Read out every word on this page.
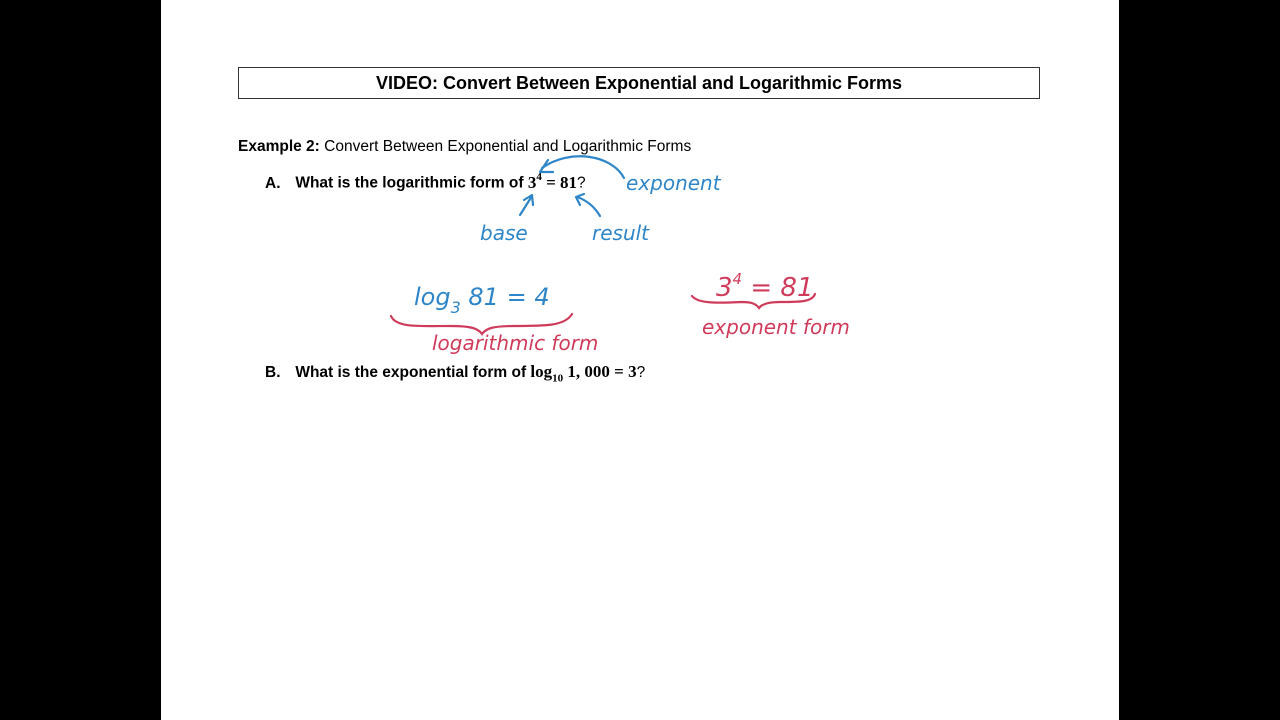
VIDEO: Convert Between Exponential and Logarithmic Forms
Example 2: Convert Between Exponential and Logarithmic Forms
A. What is the logarithmic form of $3^4 = 81$?
B. What is the exponential form of $\log_{10} 1$, 000 = 3?
exponent
base	result
$\log_3 81 = 4$
logarithmic form
$3^4 = 81$
exponent form
